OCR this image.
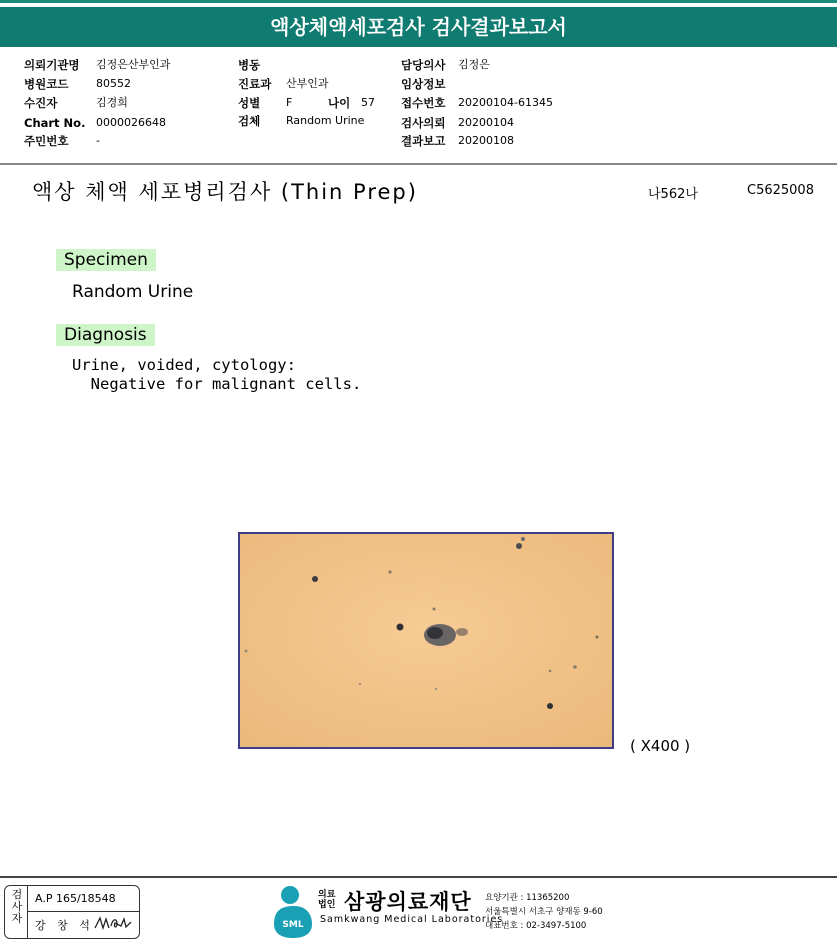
액상체액세포검사 검사결과보고서
의뢰기관명 김정은산부인과
병원코드	80552
수진자	김경희
Chart No. 0000026648
주민번호	-
병동
진료과 산부인과
성별 F	나이 57
검체 Random Urine
담당의사 김정은
임상정보
접수번호 20200104-61345
검사의뢰 20200104
결과보고 20200108
액상 체액 세포병리검사 (Thin Prep)	나562나	C5625008
Specimen
Random Urine
Diagnosis
Urine, voided, cytology:
Negative for malignant cells.
( X400 )
검사자
A.P 165/18548
강 창 석	SML
의료
법인 삼광의료재단
Samkwang Medical Laboratories
요양기관 : 11365200
서울특별시 서초구 양재동 9-60
대표번호 : 02-3497-5100
